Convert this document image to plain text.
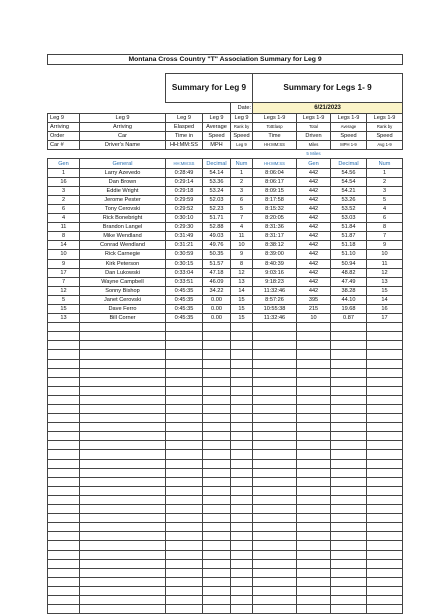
Montana Cross Country "T" Association Summary for Leg 9								

		Summary for Leg 9			Summary for Legs 1- 9			
				Date:	6/21/2023			
Leg 9	Leg 9	Leg 9	Leg 9	Leg 9	Legs 1-9	Legs 1-9	Legs 1-9	Legs 1-9
Arriving	Arriving	Elasped	Average	Rank by	TotElasp	Total	Average	Rank by
Order	Car	Time in	Speed	Speed	Time	Driven	Speed	Speed
Car #	Driver's Name	HH:MM:SS	MPH	Leg 9	HH:MM:SS	Miles	MPH 1-9	Avg 1-9
						5 Miles		
Gen	General	HH:MM:SS	Decimal	Num	HH:MM:SS	Gen	Decimal	Num
1	Larry Azevedo	0:28:49	54.14	1	8:06:04	442	54.56	1
16	Dan Brown	0:29:14	53.36	2	8:06:17	442	54.54	2
3	Eddie Wright	0:29:18	53.24	3	8:09:15	442	54.21	3
2	Jerome Pester	0:29:59	52.03	6	8:17:58	442	53.26	5
6	Tony Cerovski	0:29:52	52.23	5	8:15:32	442	53.52	4
4	Rick Bonebright	0:30:10	51.71	7	8:20:05	442	53.03	6
11	Brandon Langel	0:29:30	52.88	4	8:31:36	442	51.84	8
8	Mike Wendland	0:31:49	49.03	11	8:31:17	442	51.87	7
14	Conrad Wendland	0:31:21	49.76	10	8:38:12	442	51.18	9
10	Rick Carnegie	0:30:59	50.35	9	8:39:00	442	51.10	10
9	Kirk Peterson	0:30:15	51.57	8	8:40:39	442	50.94	11
17	Dan Lukowski	0:33:04	47.18	12	9:03:16	442	48.82	12
7	Wayne Campbell	0:33:51	46.09	13	9:18:23	442	47.49	13
12	Sonny Bishop	0:45:35	34.22	14	11:32:46	442	38.28	15
5	Janet Cerovski	0:45:35	0.00	15	8:57:26	395	44.10	14
15	Dave Ferro	0:45:35	0.00	15	10:55:38	215	19.68	16
13	Bill Corner	0:45:35	0.00	15	11:32:46	10	0.87	17
